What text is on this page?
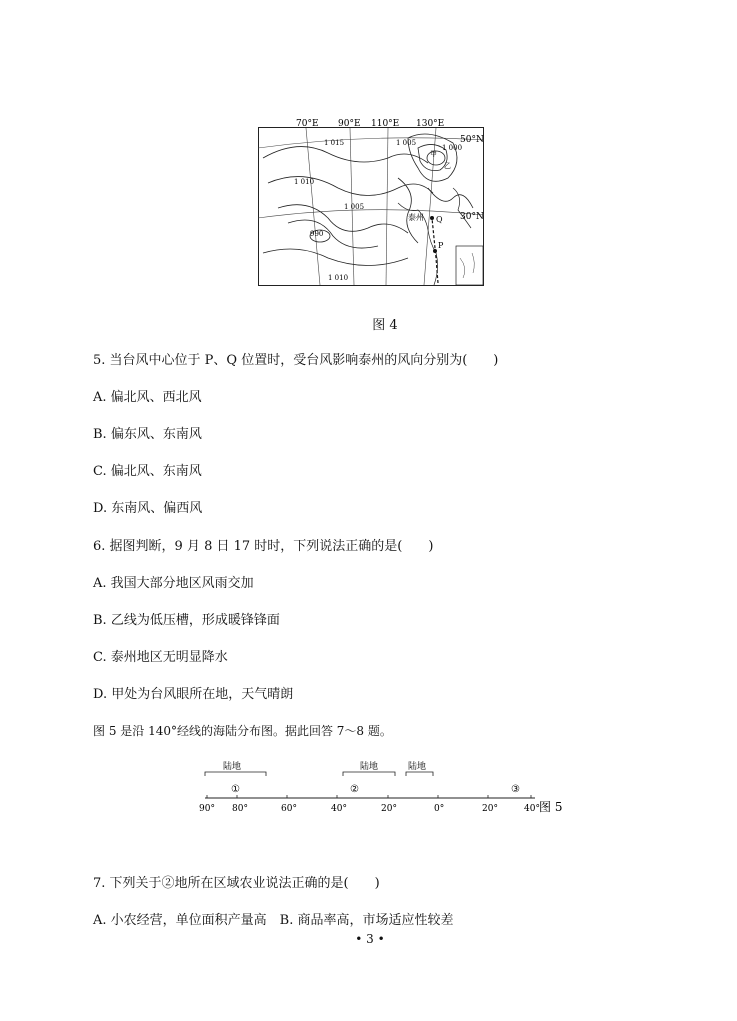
70°E 90°E 110°E 130°E
1 015
1 010
1 005
1 005
1 010
1 000
990
50°N
30°N
泰州
P
Q
甲
乙
图 4
5. 当台风中心位于 P、Q 位置时，受台风影响泰州的风向分别为(　　)
A. 偏北风、西北风
B. 偏东风、东南风
C. 偏北风、东南风
D. 东南风、偏西风
6. 据图判断，9 月 8 日 17 时时，下列说法正确的是(　　)
A. 我国大部分地区风雨交加
B. 乙线为低压槽，形成暖锋锋面
C. 泰州地区无明显降水
D. 甲处为台风眼所在地，天气晴朗
图 5 是沿 140°经线的海陆分布图。据此回答 7～8 题。
陆地	陆地	陆地
①	②	③
90° 80°	60°	40°	20°	0°	20°	40° 图 5
7. 下列关于②地所在区域农业说法正确的是(　　)
A. 小农经营，单位面积产量高　B. 商品率高，市场适应性较差
• 3 •
